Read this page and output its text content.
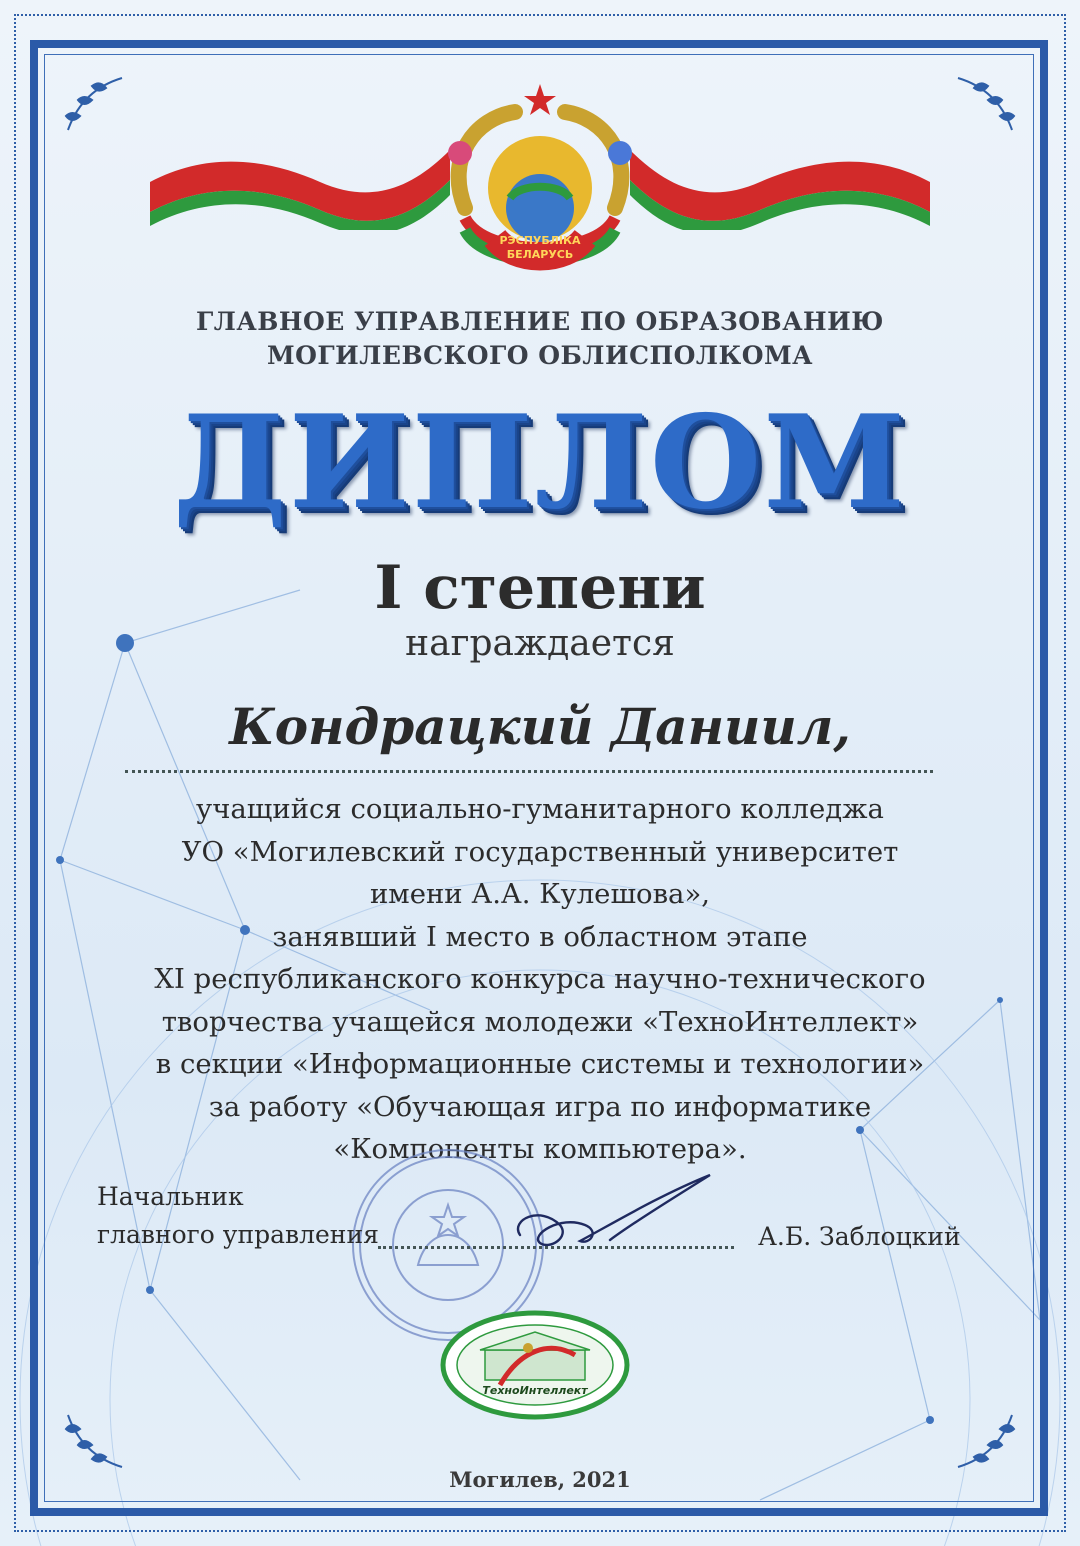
РЭСПУБЛІКА
БЕЛАРУСЬ
ГЛАВНОЕ УПРАВЛЕНИЕ ПО ОБРАЗОВАНИЮ
МОГИЛЕВСКОГО ОБЛИСПОЛКОМА
ДИПЛОМ
I степени
награждается
Кондрацкий Даниил,
учащийся социально-гуманитарного колледжа
УО «Могилевский государственный университет
имени А.А. Кулешова»,
занявший I место в областном этапе
XI республиканского конкурса научно-технического
творчества учащейся молодежи «ТехноИнтеллект»
в секции «Информационные системы и технологии»
за работу «Обучающая игра по информатике
«Компоненты компьютера».
Начальник
главного управления	А.Б. Заблоцкий
ТехноИнтеллект
Могилев, 2021
